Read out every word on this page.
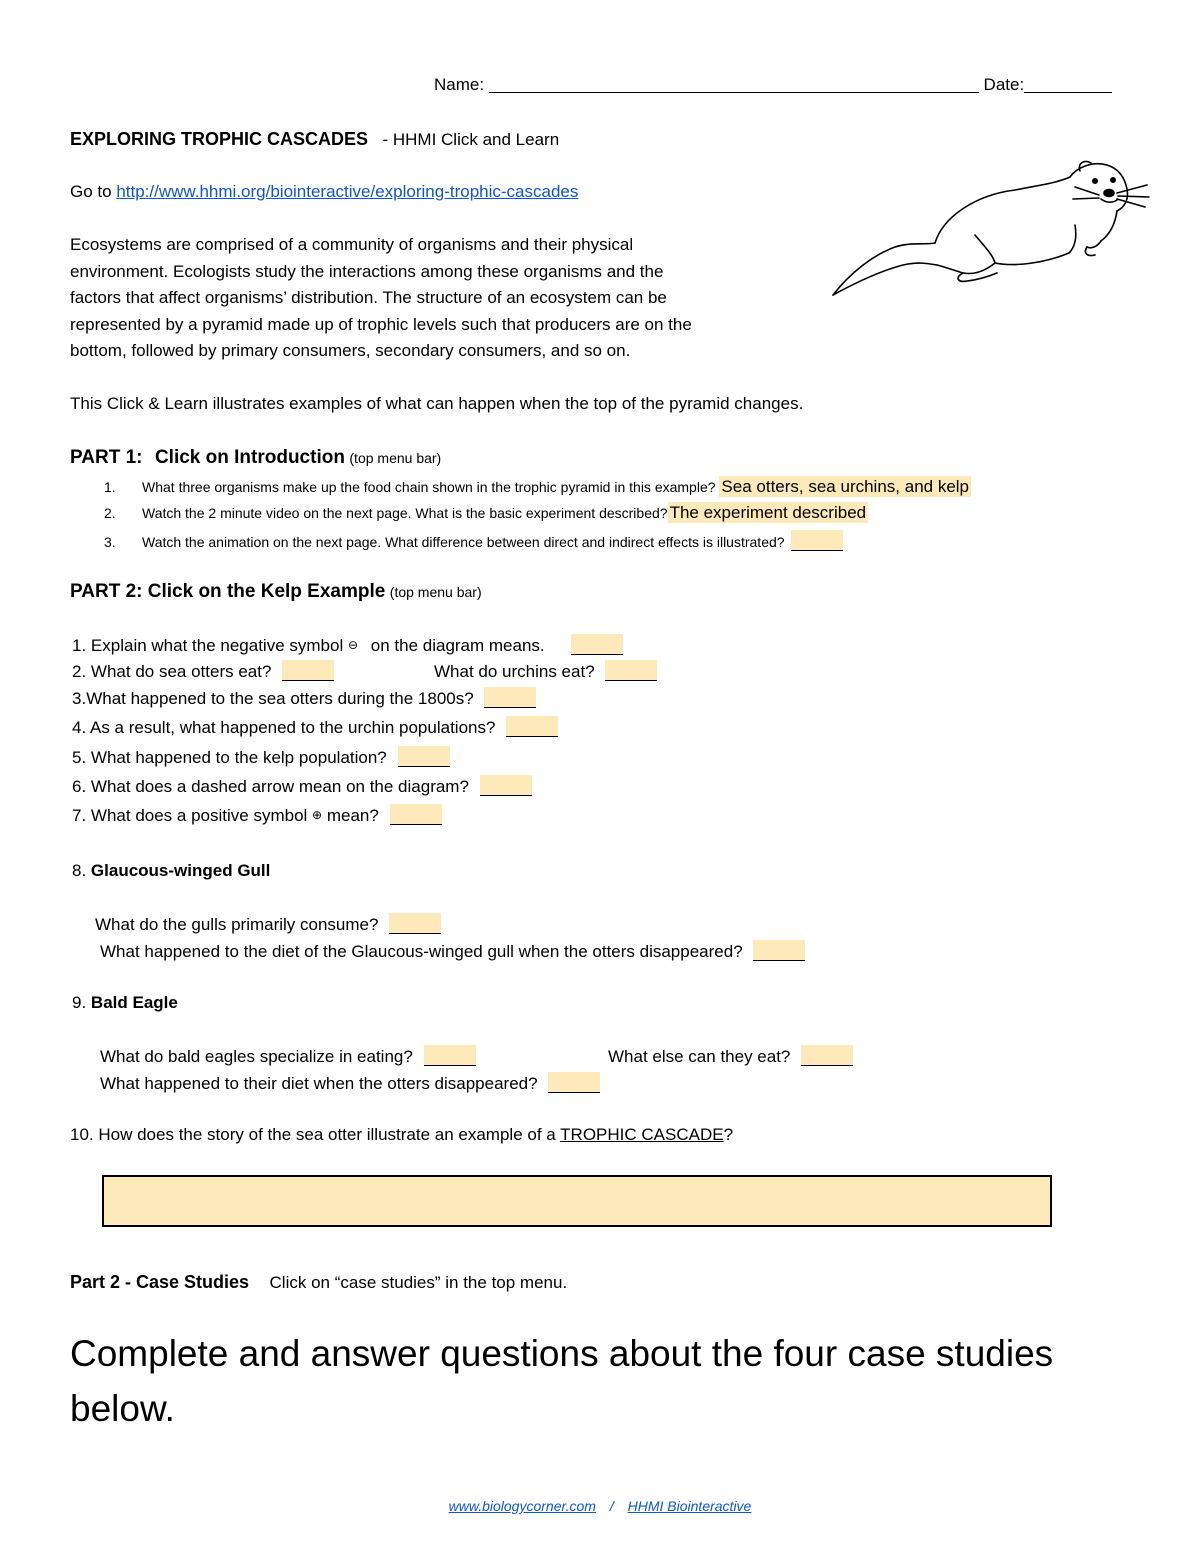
Name:	Date:
EXPLORING TROPHIC CASCADES - HHMI Click and Learn
Go to http://www.hhmi.org/biointeractive/exploring-trophic-cascades
Ecosystems are comprised of a community of organisms and their physical
environment. Ecologists study the interactions among these organisms and the
factors that affect organisms’ distribution. The structure of an ecosystem can be
represented by a pyramid made up of trophic levels such that producers are on the
bottom, followed by primary consumers, secondary consumers, and so on.
This Click & Learn illustrates examples of what can happen when the top of the pyramid changes.
PART 1: Click on Introduction (top menu bar)
1. What three organisms make up the food chain shown in the trophic pyramid in this example? Sea otters, sea urchins, and kelp
2. Watch the 2 minute video on the next page. What is the basic experiment described? The experiment described
3. Watch the animation on the next page. What difference between direct and indirect effects is illustrated?
PART 2: Click on the Kelp Example (top menu bar)
1. Explain what the negative symbol ⊖ on the diagram means.
2. What do sea otters eat?	What do urchins eat?
3.What happened to the sea otters during the 1800s?
4. As a result, what happened to the urchin populations?
5. What happened to the kelp population?
6. What does a dashed arrow mean on the diagram?
7. What does a positive symbol ⊕ mean?
8. Glaucous-winged Gull
What do the gulls primarily consume?
What happened to the diet of the Glaucous-winged gull when the otters disappeared?
9. Bald Eagle
What do bald eagles specialize in eating?	What else can they eat?
What happened to their diet when the otters disappeared?
10. How does the story of the sea otter illustrate an example of a TROPHIC CASCADE?
Part 2 - Case Studies Click on “case studies” in the top menu.
Complete and answer questions about the four case studies below.
www.biologycorner.com / HHMI Biointeractive
